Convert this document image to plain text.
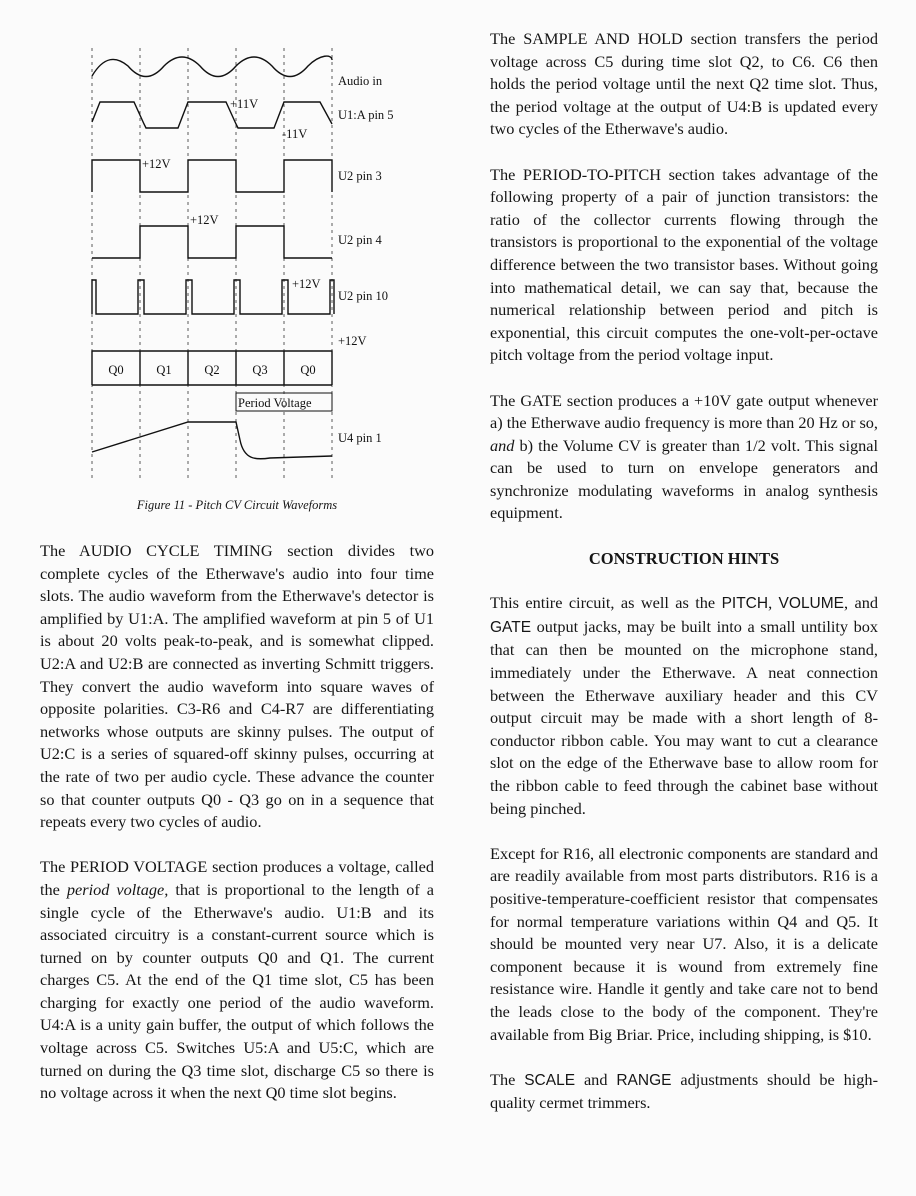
Audio in
+11V
-11V
U1:A pin 5
+12V
U2 pin 3
+12V
U2 pin 4
+12V
U2 pin 10
Q0	Q1	Q2	Q3	Q0
+12V
Period Voltage
U4 pin 1
Figure 11 - Pitch CV Circuit Waveforms

The AUDIO CYCLE TIMING section divides two complete cycles of the Etherwave's audio into four time slots. The audio waveform from the Etherwave's detector is amplified by U1:A. The amplified waveform at pin 5 of U1 is about 20 volts peak-to-peak, and is somewhat clipped. U2:A and U2:B are connected as inverting Schmitt triggers. They convert the audio waveform into square waves of opposite polarities. C3-R6 and C4-R7 are differentiating networks whose outputs are skinny pulses. The output of U2:C is a series of squared-off skinny pulses, occurring at the rate of two per audio cycle. These advance the counter so that counter outputs Q0 - Q3 go on in a sequence that repeats every two cycles of audio.

The PERIOD VOLTAGE section produces a voltage, called the period voltage, that is proportional to the length of a single cycle of the Etherwave's audio. U1:B and its associated circuitry is a constant-current source which is turned on by counter outputs Q0 and Q1. The current charges C5. At the end of the Q1 time slot, C5 has been charging for exactly one period of the audio waveform. U4:A is a unity gain buffer, the output of which follows the voltage across C5. Switches U5:A and U5:C, which are turned on during the Q3 time slot, discharge C5 so there is no voltage across it when the next Q0 time slot begins.

The SAMPLE AND HOLD section transfers the period voltage across C5 during time slot Q2, to C6. C6 then holds the period voltage until the next Q2 time slot. Thus, the period voltage at the output of U4:B is updated every two cycles of the Etherwave's audio.

The PERIOD-TO-PITCH section takes advantage of the following property of a pair of junction transistors: the ratio of the collector currents flowing through the transistors is proportional to the exponential of the voltage difference between the two transistor bases. Without going into mathematical detail, we can say that, because the numerical relationship between period and pitch is exponential, this circuit computes the one-volt-per-octave pitch voltage from the period voltage input.

The GATE section produces a +10V gate output whenever a) the Etherwave audio frequency is more than 20 Hz or so, and b) the Volume CV is greater than 1/2 volt. This signal can be used to turn on envelope generators and synchronize modulating waveforms in analog synthesis equipment.

CONSTRUCTION HINTS

This entire circuit, as well as the PITCH, VOLUME, and GATE output jacks, may be built into a small untility box that can then be mounted on the microphone stand, immediately under the Etherwave. A neat connection between the Etherwave auxiliary header and this CV output circuit may be made with a short length of 8-conductor ribbon cable. You may want to cut a clearance slot on the edge of the Etherwave base to allow room for the ribbon cable to feed through the cabinet base without being pinched.

Except for R16, all electronic components are standard and are readily available from most parts distributors. R16 is a positive-temperature-coefficient resistor that compensates for normal temperature variations within Q4 and Q5. It should be mounted very near U7. Also, it is a delicate component because it is wound from extremely fine resistance wire. Handle it gently and take care not to bend the leads close to the body of the component. They're available from Big Briar. Price, including shipping, is $10.

The SCALE and RANGE adjustments should be high-quality cermet trimmers.
